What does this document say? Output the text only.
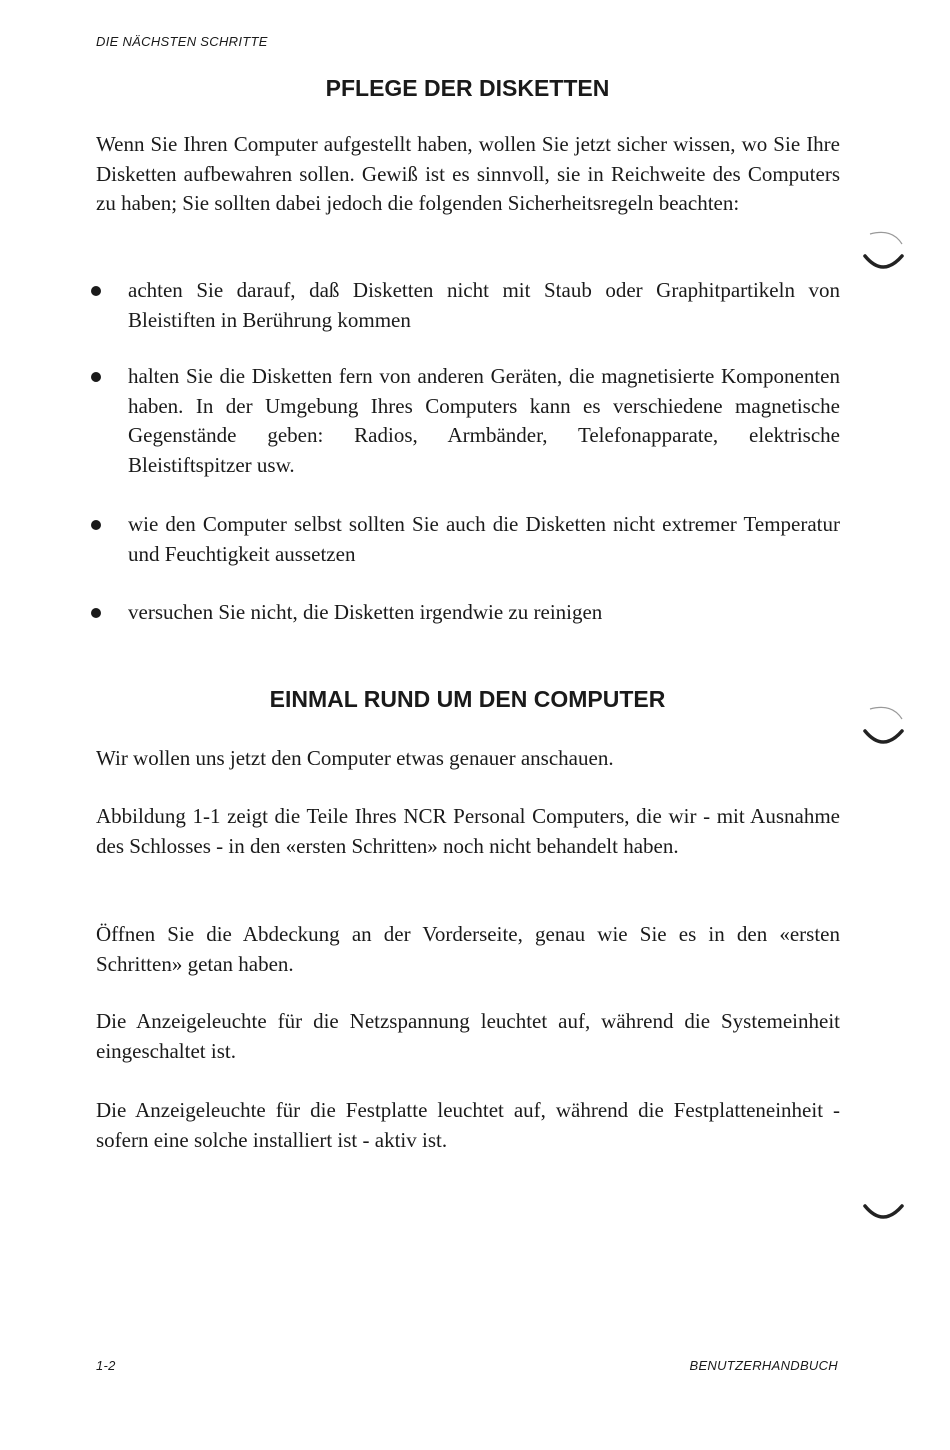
DIE NÄCHSTEN SCHRITTE
PFLEGE DER DISKETTEN

Wenn Sie Ihren Computer aufgestellt haben, wollen Sie jetzt sicher wissen, wo Sie Ihre Disketten aufbewahren sollen. Gewiß ist es sinnvoll, sie in Reichweite des Computers zu haben; Sie sollten dabei jedoch die folgenden Sicherheitsregeln beachten:

achten Sie darauf, daß Disketten nicht mit Staub oder Graphitpartikeln von Bleistiften in Berührung kommen
halten Sie die Disketten fern von anderen Geräten, die magnetisierte Komponenten haben. In der Umgebung Ihres Computers kann es verschiedene magnetische Gegenstände geben: Radios, Armbänder, Telefonapparate, elektrische Bleistiftspitzer usw.
wie den Computer selbst sollten Sie auch die Disketten nicht extremer Temperatur und Feuchtigkeit aussetzen
versuchen Sie nicht, die Disketten irgendwie zu reinigen
EINMAL RUND UM DEN COMPUTER

Wir wollen uns jetzt den Computer etwas genauer anschauen.

Abbildung 1-1 zeigt die Teile Ihres NCR Personal Computers, die wir - mit Ausnahme des Schlosses - in den «ersten Schritten» noch nicht behandelt haben.

Öffnen Sie die Abdeckung an der Vorderseite, genau wie Sie es in den «ersten Schritten» getan haben.

Die Anzeigeleuchte für die Netzspannung leuchtet auf, während die Systemeinheit eingeschaltet ist.

Die Anzeigeleuchte für die Festplatte leuchtet auf, während die Festplatteneinheit - sofern eine solche installiert ist - aktiv ist.

1-2	BENUTZERHANDBUCH
